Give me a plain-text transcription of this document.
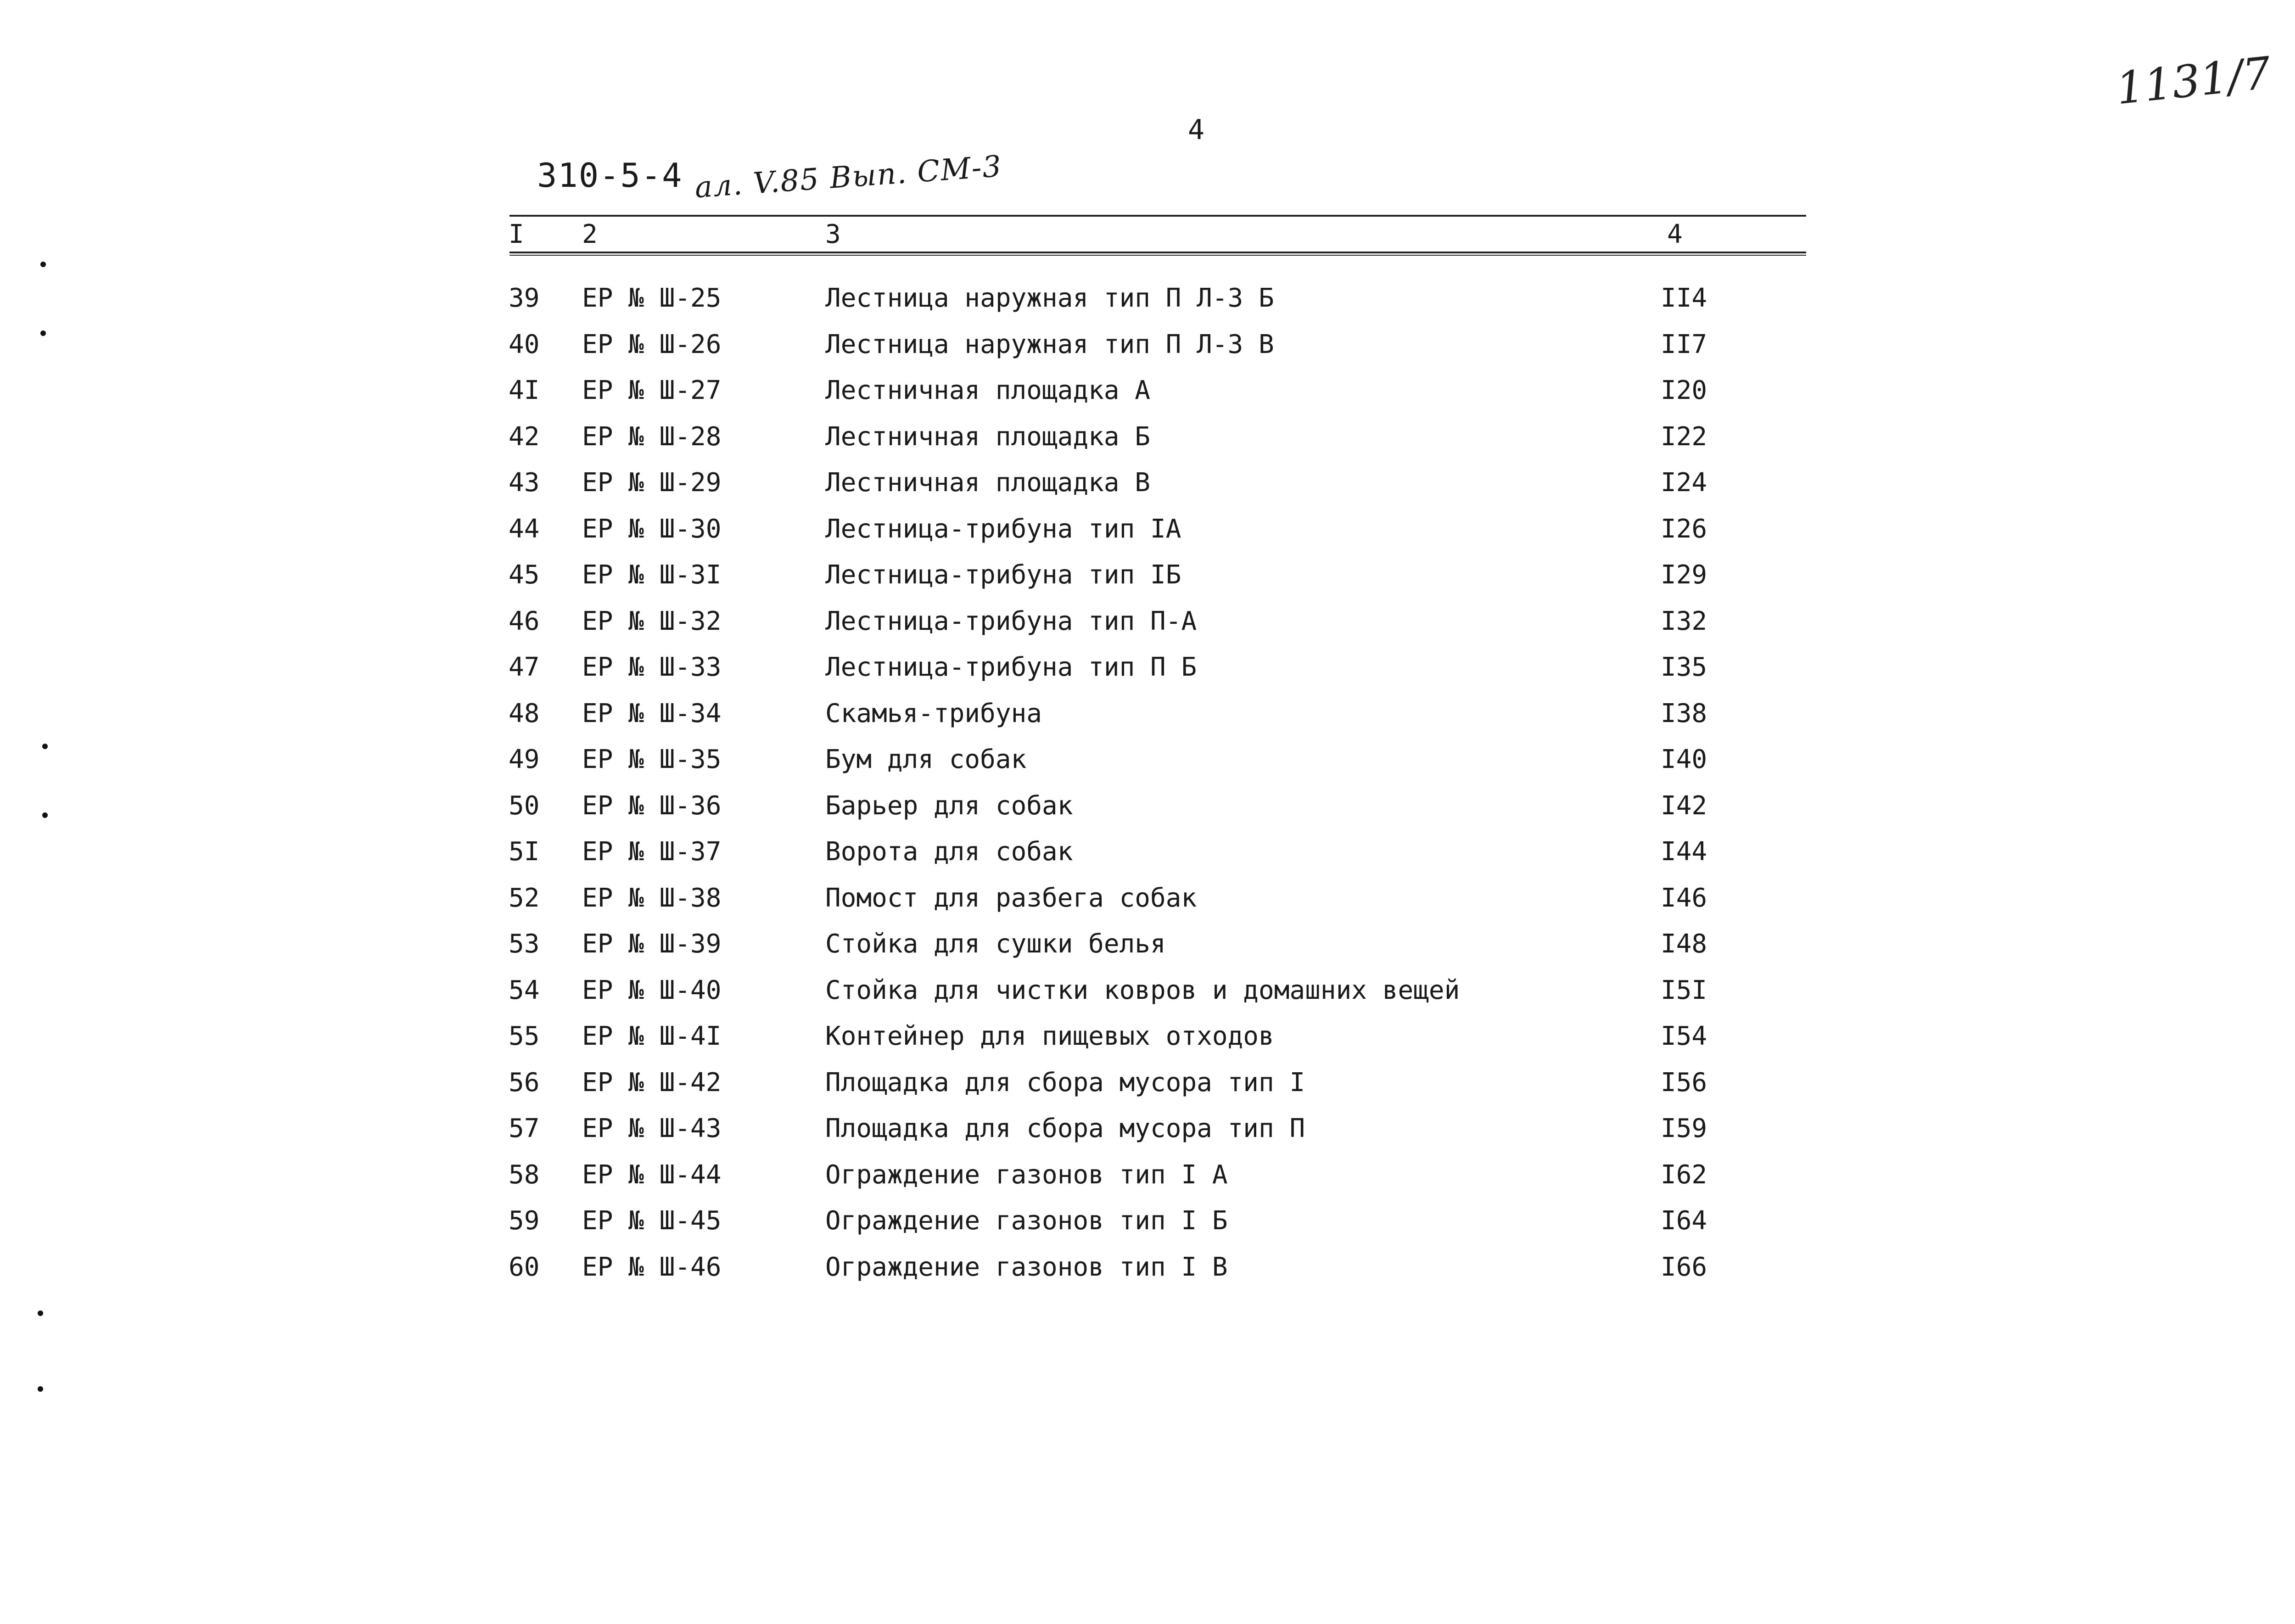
1131/7
4
310-5-4 ал. V.85 Вып. СМ-3
I 2	3	4
39 ЕР № Ш-25	Лестница наружная тип П Л-3 Б	II4
40 ЕР № Ш-26	Лестница наружная тип П Л-3 В	II7
4I ЕР № Ш-27	Лестничная площадка А	I20
42 ЕР № Ш-28	Лестничная площадка Б	I22
43 ЕР № Ш-29	Лестничная площадка В	I24
44 ЕР № Ш-30	Лестница-трибуна тип IА	I26
45 ЕР № Ш-3I	Лестница-трибуна тип IБ	I29
46 ЕР № Ш-32	Лестница-трибуна тип П-А	I32
47 ЕР № Ш-33	Лестница-трибуна тип П Б	I35
48 ЕР № Ш-34	Скамья-трибуна	I38
49 ЕР № Ш-35	Бум для собак	I40
50 ЕР № Ш-36	Барьер для собак	I42
5I ЕР № Ш-37	Ворота для собак	I44
52 ЕР № Ш-38	Помост для разбега собак	I46
53 ЕР № Ш-39	Стойка для сушки белья	I48
54 ЕР № Ш-40	Стойка для чистки ковров и домашних вещей	I5I
55 ЕР № Ш-4I	Контейнер для пищевых отходов	I54
56 ЕР № Ш-42	Площадка для сбора мусора тип I	I56
57 ЕР № Ш-43	Площадка для сбора мусора тип П	I59
58 ЕР № Ш-44	Ограждение газонов тип I А	I62
59 ЕР № Ш-45	Ограждение газонов тип I Б	I64
60 ЕР № Ш-46	Ограждение газонов тип I В	I66
